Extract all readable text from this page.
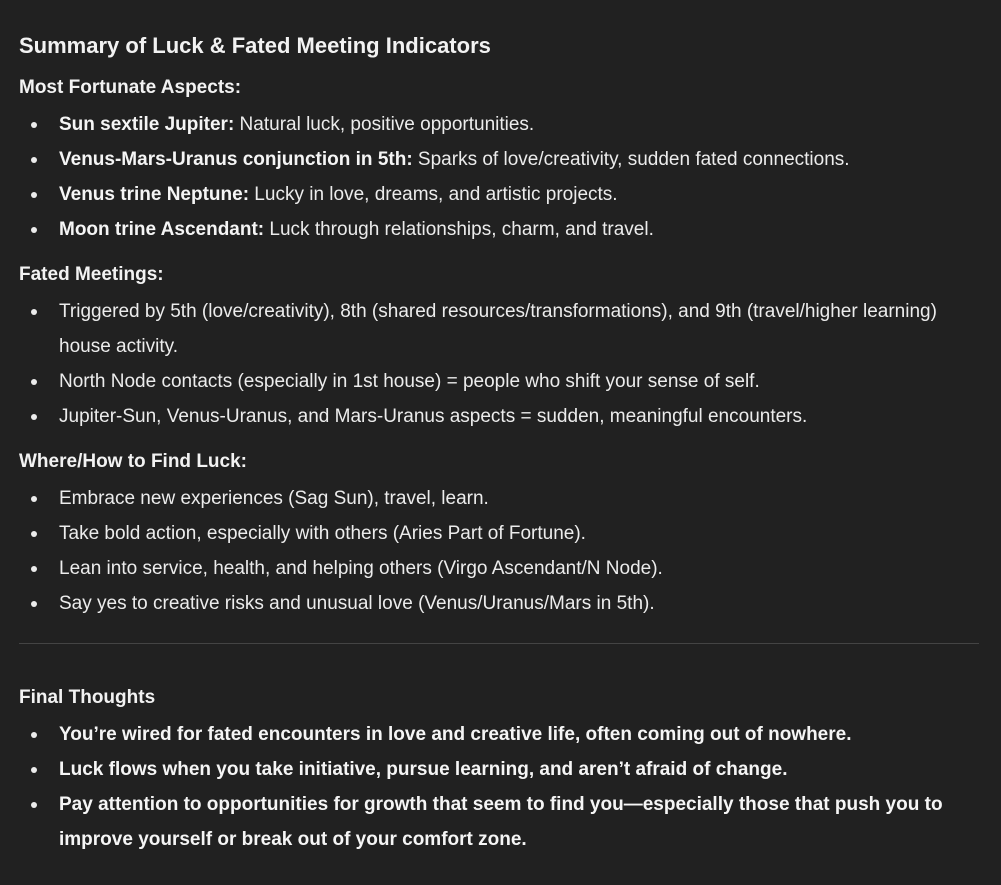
Summary of Luck & Fated Meeting Indicators

Most Fortunate Aspects:

Sun sextile Jupiter: Natural luck, positive opportunities.
Venus-Mars-Uranus conjunction in 5th: Sparks of love/creativity, sudden fated connections.
Venus trine Neptune: Lucky in love, dreams, and artistic projects.
Moon trine Ascendant: Luck through relationships, charm, and travel.

Fated Meetings:

Triggered by 5th (love/creativity), 8th (shared resources/transformations), and 9th (travel/higher learning) house activity.
North Node contacts (especially in 1st house) = people who shift your sense of self.
Jupiter-Sun, Venus-Uranus, and Mars-Uranus aspects = sudden, meaningful encounters.

Where/How to Find Luck:

Embrace new experiences (Sag Sun), travel, learn.
Take bold action, especially with others (Aries Part of Fortune).
Lean into service, health, and helping others (Virgo Ascendant/N Node).
Say yes to creative risks and unusual love (Venus/Uranus/Mars in 5th).

Final Thoughts

You’re wired for fated encounters in love and creative life, often coming out of nowhere.
Luck flows when you take initiative, pursue learning, and aren’t afraid of change.
Pay attention to opportunities for growth that seem to find you—especially those that push you to improve yourself or break out of your comfort zone.
